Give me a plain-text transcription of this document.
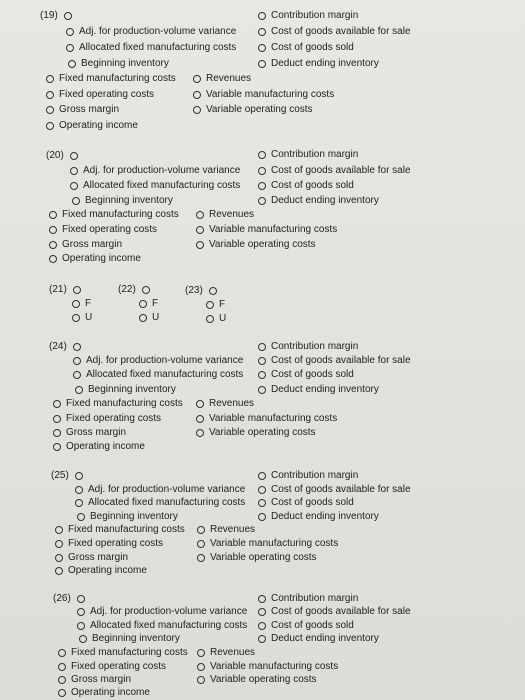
(19)	Contribution margin
Adj. for production-volume variance	Cost of goods available for sale
Allocated fixed manufacturing costs	Cost of goods sold
Beginning inventory	Deduct ending inventory
Fixed manufacturing costs	Revenues
Fixed operating costs	Variable manufacturing costs
Gross margin	Variable operating costs
Operating income
(20)	Contribution margin
Adj. for production-volume variance	Cost of goods available for sale
Allocated fixed manufacturing costs	Cost of goods sold
Beginning inventory	Deduct ending inventory
Fixed manufacturing costs	Revenues
Fixed operating costs	Variable manufacturing costs
Gross margin	Variable operating costs
Operating income
(21)
F
U
(22)
F
U
(23)
F
U
(24)	Contribution margin
Adj. for production-volume variance	Cost of goods available for sale
Allocated fixed manufacturing costs	Cost of goods sold
Beginning inventory	Deduct ending inventory
Fixed manufacturing costs	Revenues
Fixed operating costs	Variable manufacturing costs
Gross margin	Variable operating costs
Operating income
(25)	Contribution margin
Adj. for production-volume variance	Cost of goods available for sale
Allocated fixed manufacturing costs	Cost of goods sold
Beginning inventory	Deduct ending inventory
Fixed manufacturing costs	Revenues
Fixed operating costs	Variable manufacturing costs
Gross margin	Variable operating costs
Operating income
(26)	Contribution margin
Adj. for production-volume variance Cost of goods available for sale
Allocated fixed manufacturing costs Cost of goods sold
Beginning inventory	Deduct ending inventory
Fixed manufacturing costs Revenues
Fixed operating costs	Variable manufacturing costs
Gross margin	Variable operating costs
Operating income
